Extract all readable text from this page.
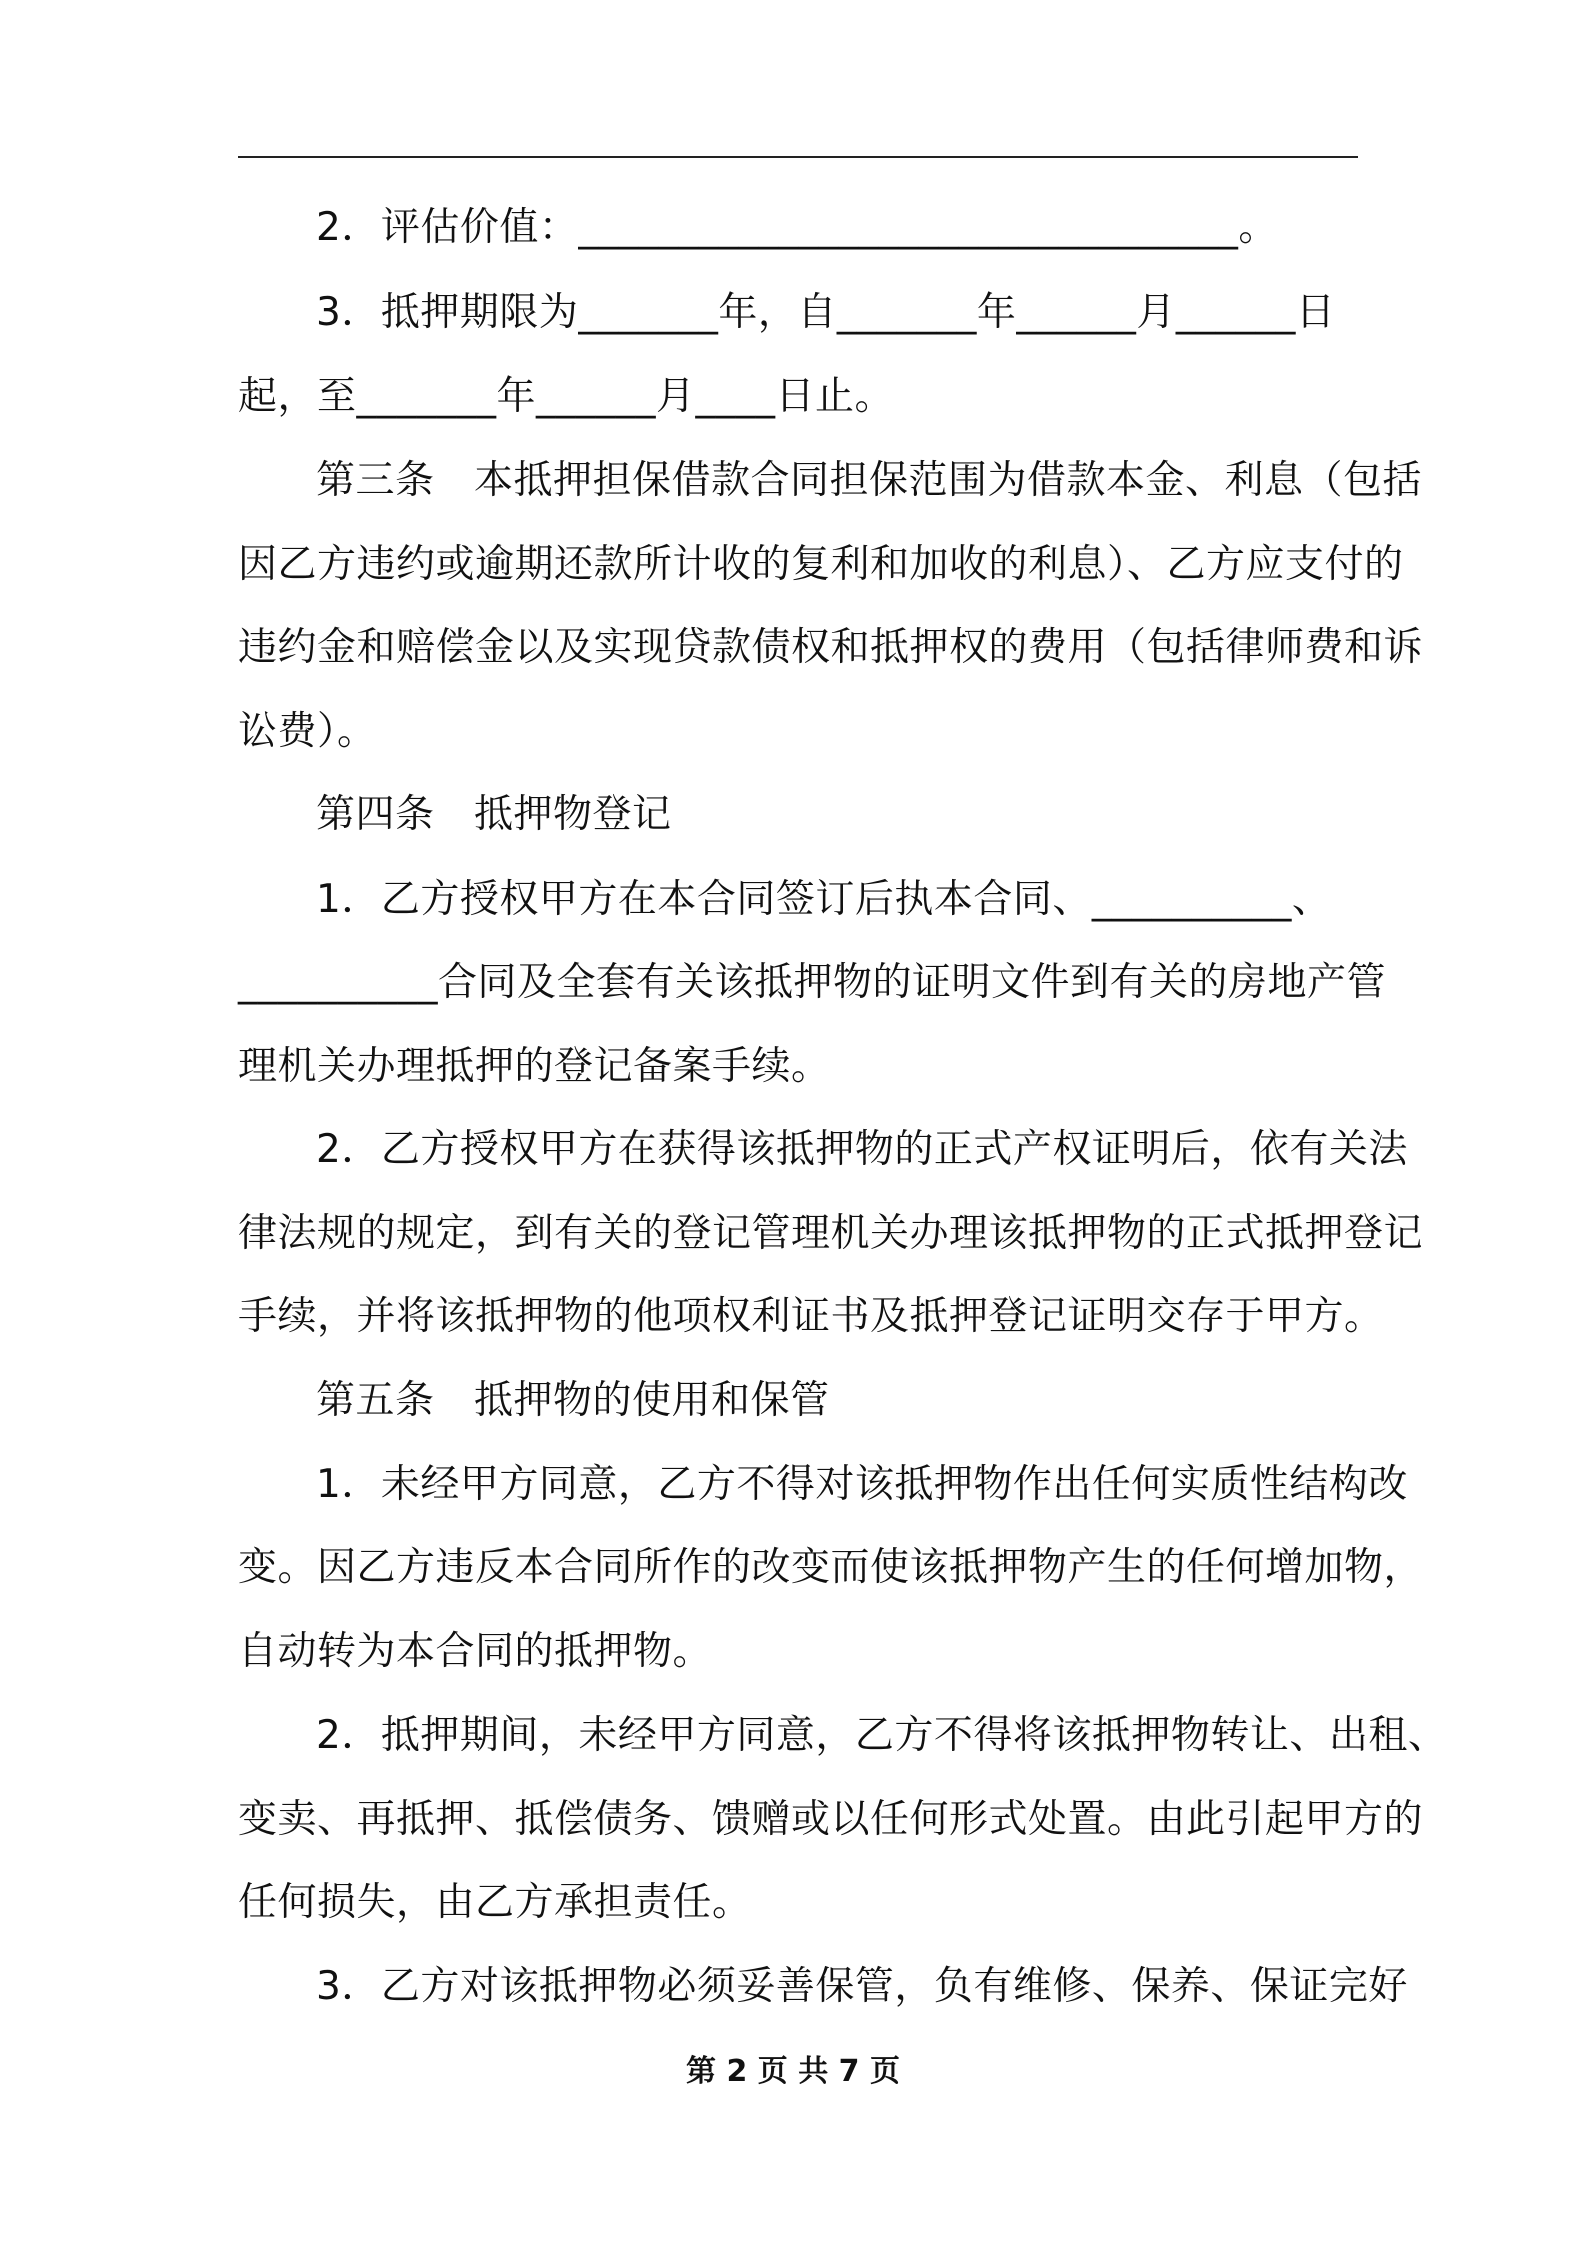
2．评估价值：_________________________________。
3．抵押期限为_______年，自_______年______月______日
起，至_______年______月____日止。
第三条　本抵押担保借款合同担保范围为借款本金、利息（包括
因乙方违约或逾期还款所计收的复利和加收的利息）、乙方应支付的
违约金和赔偿金以及实现贷款债权和抵押权的费用（包括律师费和诉
讼费）。
第四条　抵押物登记
1．乙方授权甲方在本合同签订后执本合同、__________、
__________合同及全套有关该抵押物的证明文件到有关的房地产管
理机关办理抵押的登记备案手续。
2．乙方授权甲方在获得该抵押物的正式产权证明后，依有关法
律法规的规定，到有关的登记管理机关办理该抵押物的正式抵押登记
手续，并将该抵押物的他项权利证书及抵押登记证明交存于甲方。
第五条　抵押物的使用和保管
1．未经甲方同意，乙方不得对该抵押物作出任何实质性结构改
变。因乙方违反本合同所作的改变而使该抵押物产生的任何增加物，
自动转为本合同的抵押物。
2．抵押期间，未经甲方同意，乙方不得将该抵押物转让、出租、
变卖、再抵押、抵偿债务、馈赠或以任何形式处置。由此引起甲方的
任何损失，由乙方承担责任。
3．乙方对该抵押物必须妥善保管，负有维修、保养、保证完好
第 2 页 共 7 页
